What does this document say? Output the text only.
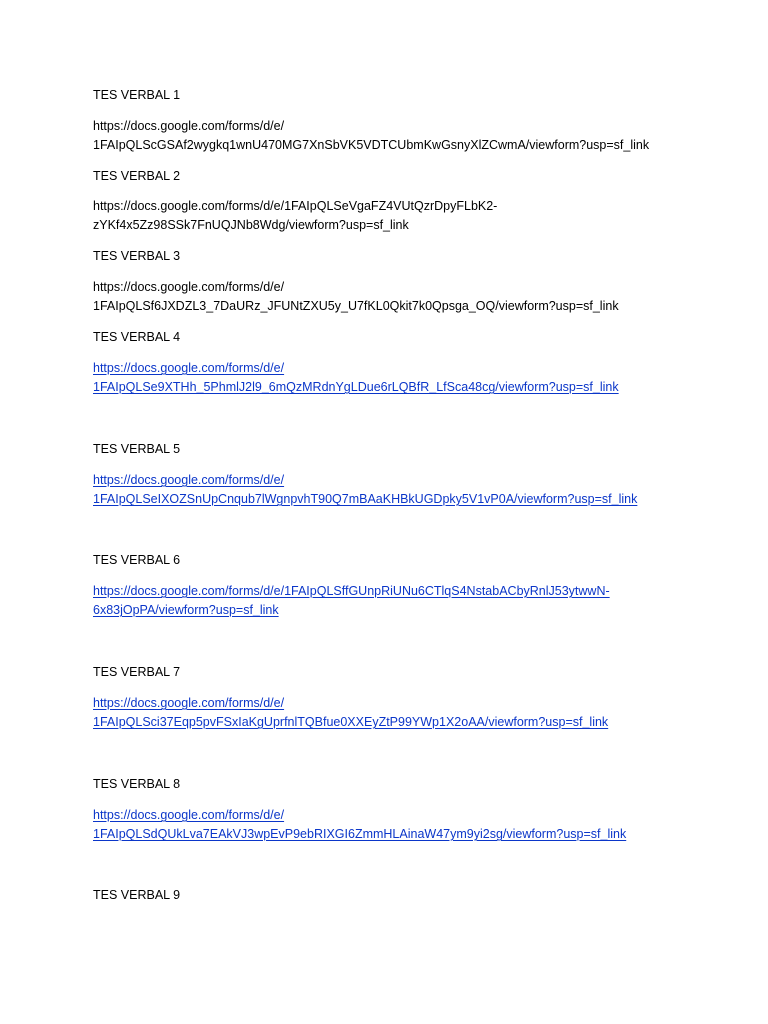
TES VERBAL 1
https://docs.google.com/forms/d/e/
1FAIpQLScGSAf2wygkq1wnU470MG7XnSbVK5VDTCUbmKwGsnyXlZCwmA/viewform?usp=sf_link
TES VERBAL 2
https://docs.google.com/forms/d/e/1FAIpQLSeVgaFZ4VUtQzrDpyFLbK2-
zYKf4x5Zz98SSk7FnUQJNb8Wdg/viewform?usp=sf_link
TES VERBAL 3
https://docs.google.com/forms/d/e/
1FAIpQLSf6JXDZL3_7DaURz_JFUNtZXU5y_U7fKL0Qkit7k0Qpsga_OQ/viewform?usp=sf_link
TES VERBAL 4
https://docs.google.com/forms/d/e/
1FAIpQLSe9XTHh_5PhmlJ2l9_6mQzMRdnYgLDue6rLQBfR_LfSca48cg/viewform?usp=sf_link
TES VERBAL 5
https://docs.google.com/forms/d/e/
1FAIpQLSeIXOZSnUpCnqub7lWgnpvhT90Q7mBAaKHBkUGDpky5V1vP0A/viewform?usp=sf_link
TES VERBAL 6
https://docs.google.com/forms/d/e/1FAIpQLSffGUnpRiUNu6CTlqS4NstabACbyRnlJ53ytwwN-
6x83jOpPA/viewform?usp=sf_link
TES VERBAL 7
https://docs.google.com/forms/d/e/
1FAIpQLSci37Eqp5pvFSxIaKgUprfnlTQBfue0XXEyZtP99YWp1X2oAA/viewform?usp=sf_link
TES VERBAL 8
https://docs.google.com/forms/d/e/
1FAIpQLSdQUkLva7EAkVJ3wpEvP9ebRIXGI6ZmmHLAinaW47ym9yi2sg/viewform?usp=sf_link
TES VERBAL 9
